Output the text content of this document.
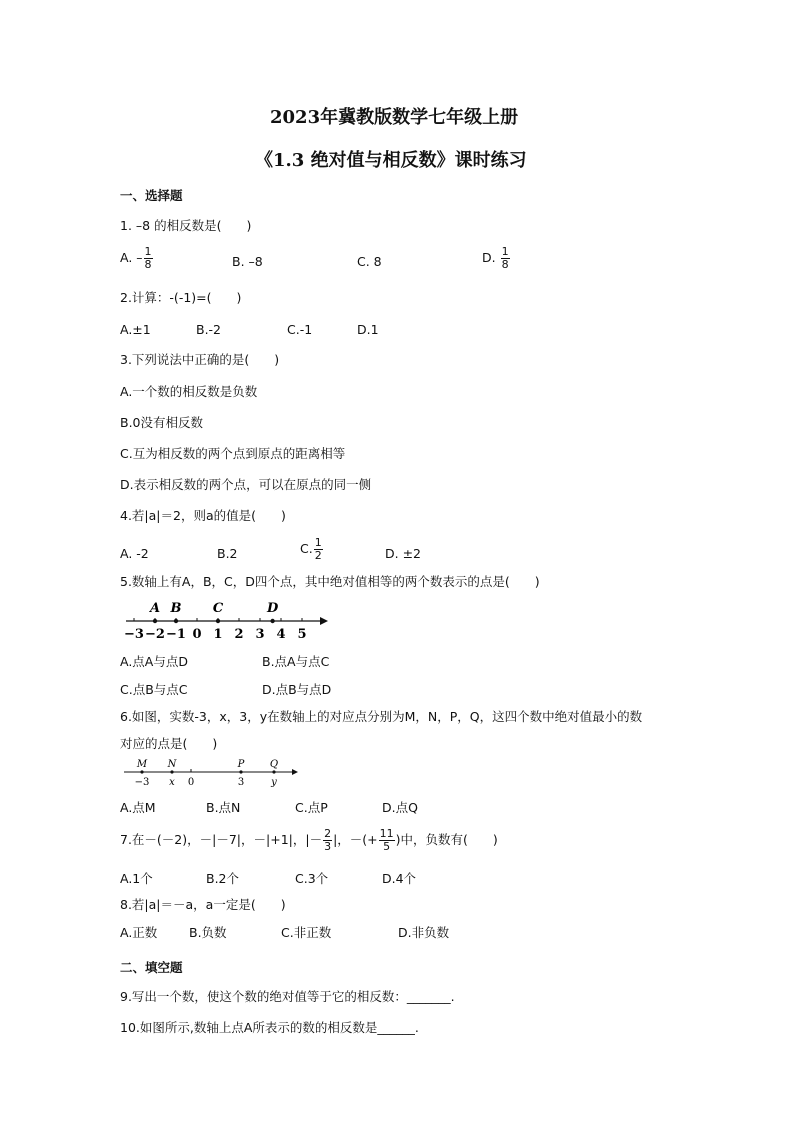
2023年冀教版数学七年级上册
《1.3 绝对值与相反数》课时练习
一、选择题
1. –8 的相反数是(　　)
A. – $\frac{1}{8}$	B. –8	C. 8	D. $\frac{1}{8}$
2.计算：-(-1)=(　　)
A.±1	B.-2	C.-1	D.1
3.下列说法中正确的是(　　)
A.一个数的相反数是负数
B.0没有相反数
C.互为相反数的两个点到原点的距离相等
D.表示相反数的两个点，可以在原点的同一侧
4.若|a|＝2，则a的值是(　　)
A. -2	B.2	C. $\frac{1}{2}$	D. ±2
5.数轴上有A，B，C，D四个点，其中绝对值相等的两个数表示的点是(　　)
−3 −2 −1 0 1 2 3 4 5
A B C	D
A.点A与点D	B.点A与点C
C.点B与点C	D.点B与点D
6.如图，实数-3，x，3，y在数轴上的对应点分别为M，N，P，Q，这四个数中绝对值最小的数
对应的点是(　　)
M N	P	Q
−3 x 0	3	y
A.点M	B.点N	C.点P	D.点Q
7.在－(－2)，－|－7|，－|+1|，|－ $\frac{2}{3}$ |，－(+ $\frac{11}{5}$ )中，负数有(　　)
A.1个	B.2个	C.3个	D.4个
8.若|a|＝－a，a一定是(　　)
A.正数	B.负数	C.非正数	D.非负数
二、填空题
9.写出一个数，使这个数的绝对值等于它的相反数：_______.
10.如图所示,数轴上点A所表示的数的相反数是______.
